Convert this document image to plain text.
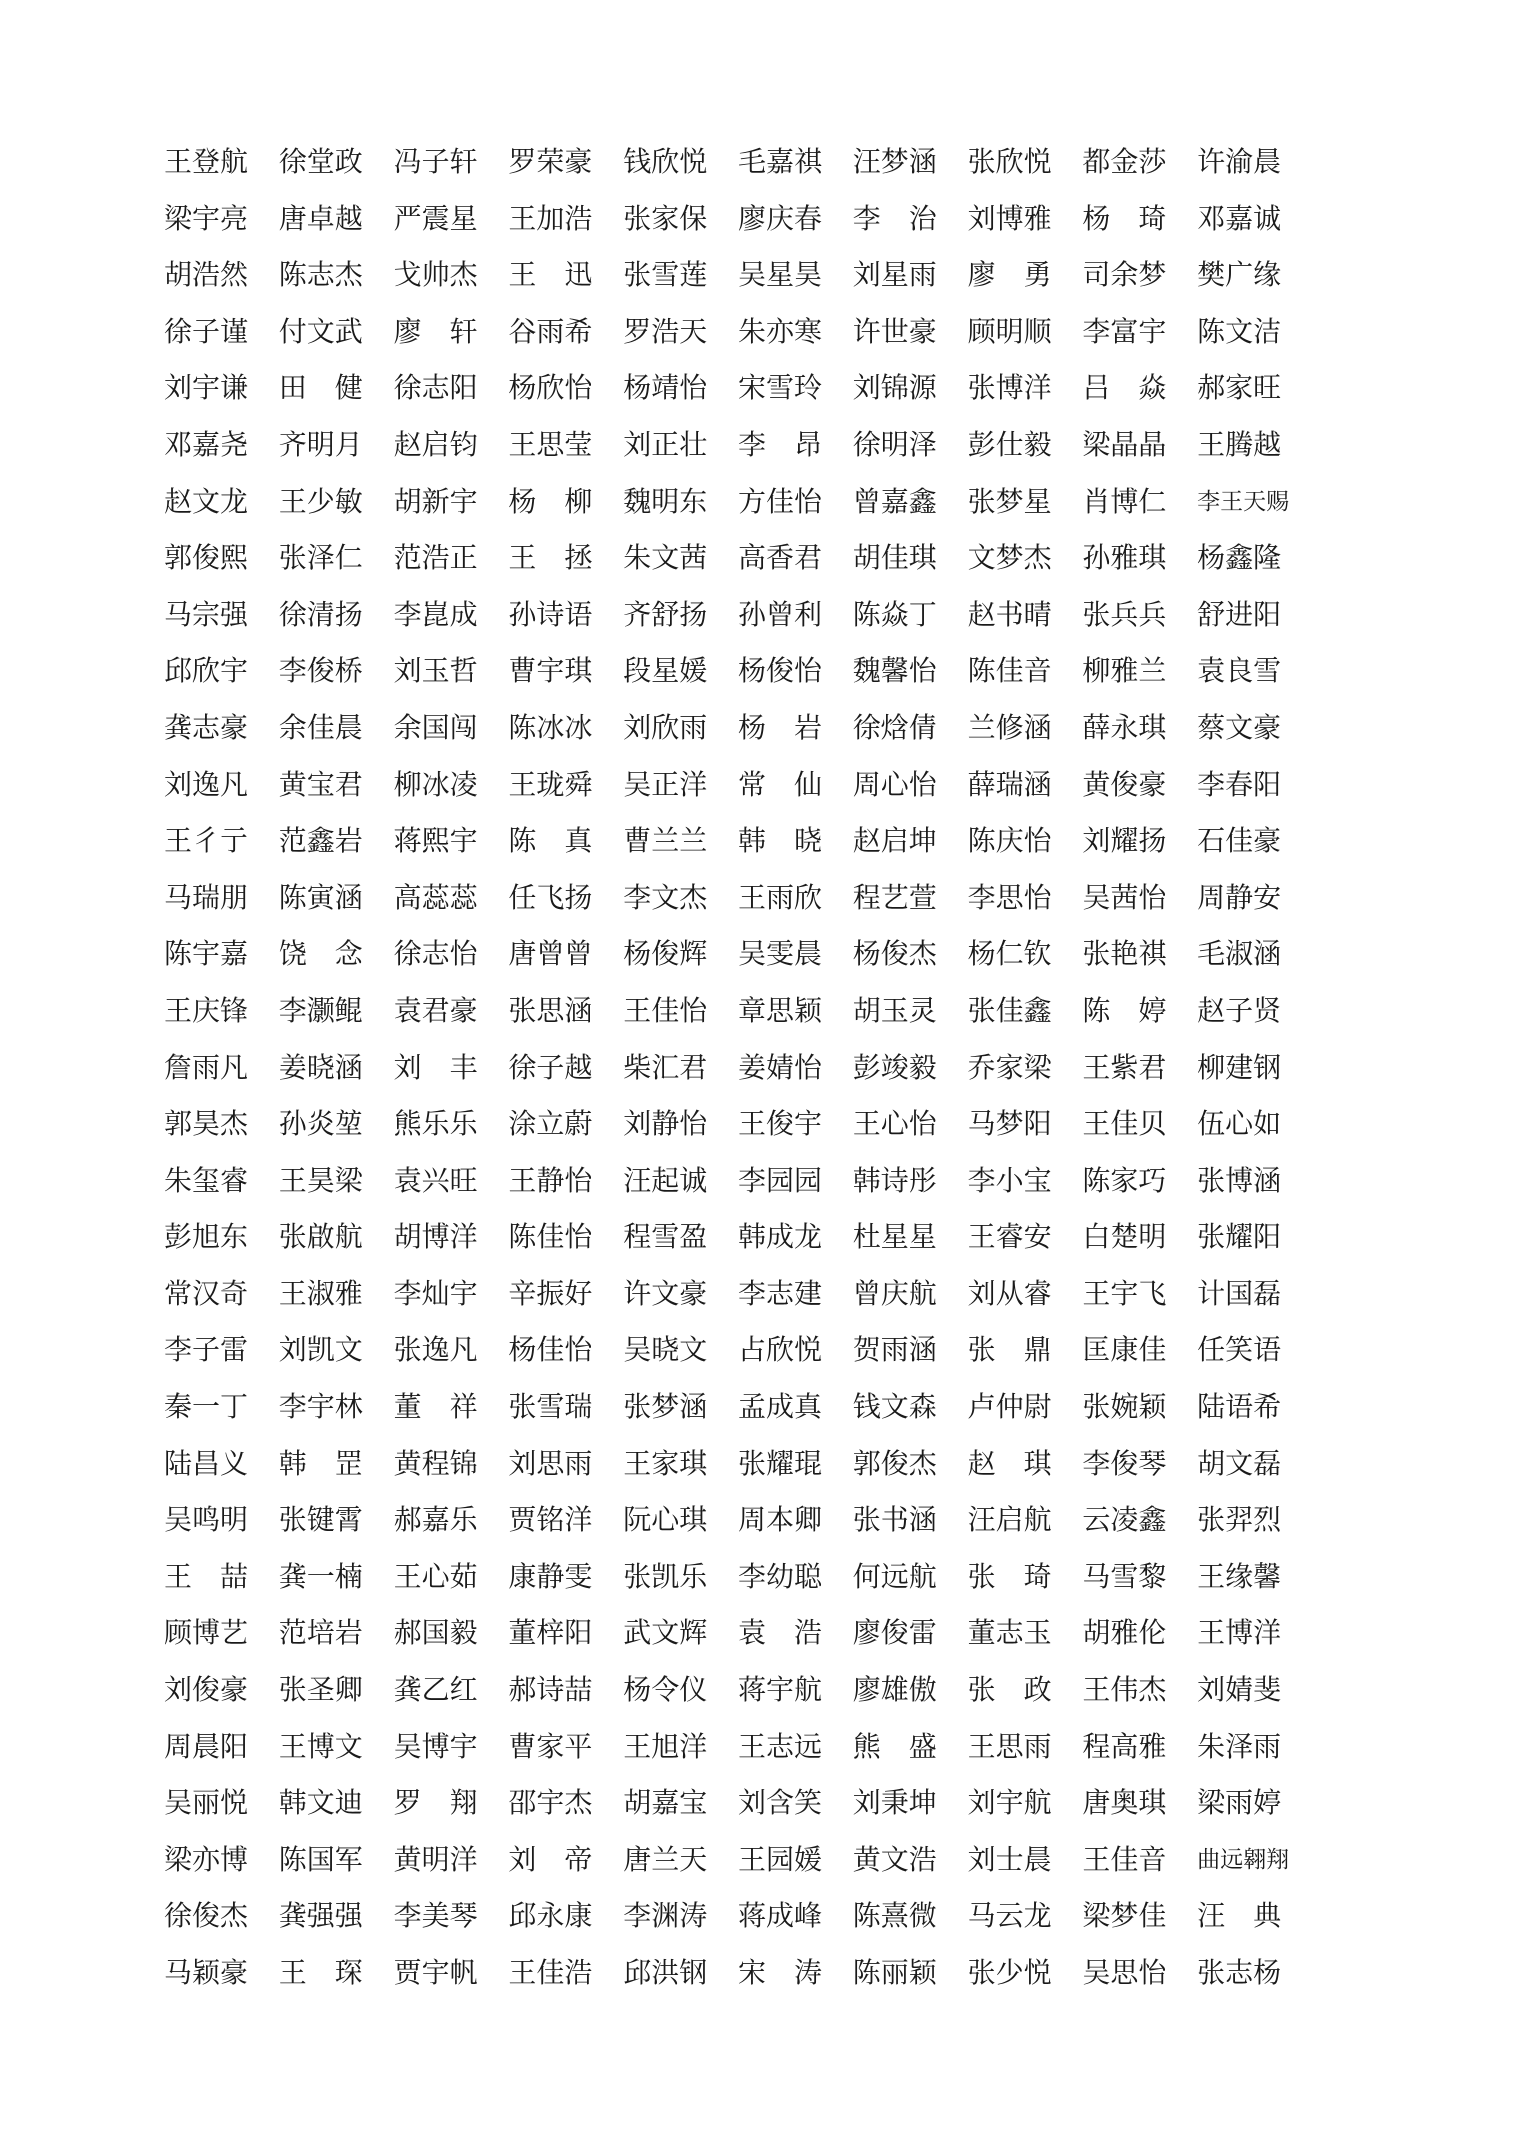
王登航 徐堂政 冯子轩 罗荣豪 钱欣悦 毛嘉祺 汪梦涵 张欣悦 都金莎 许渝晨
梁宇亮 唐卓越 严震星 王加浩 张家保 廖庆春 李 治 刘博雅 杨 琦 邓嘉诚
胡浩然 陈志杰 戈帅杰 王 迅 张雪莲 吴星昊 刘星雨 廖 勇 司余梦 樊广缘
徐子谨 付文武 廖 轩 谷雨希 罗浩天 朱亦寒 许世豪 顾明顺 李富宇 陈文洁
刘宇谦 田 健 徐志阳 杨欣怡 杨靖怡 宋雪玲 刘锦源 张博洋 吕 焱 郝家旺
邓嘉尧 齐明月 赵启钧 王思莹 刘正壮 李 昂 徐明泽 彭仕毅 梁晶晶 王腾越
赵文龙 王少敏 胡新宇 杨 柳 魏明东 方佳怡 曾嘉鑫 张梦星 肖博仁 李王天赐
郭俊熙 张泽仁 范浩正 王 拯 朱文茜 高香君 胡佳琪 文梦杰 孙雅琪 杨鑫隆
马宗强 徐清扬 李崑成 孙诗语 齐舒扬 孙曾利 陈焱丁 赵书晴 张兵兵 舒进阳
邱欣宇 李俊桥 刘玉哲 曹宇琪 段星媛 杨俊怡 魏馨怡 陈佳音 柳雅兰 袁良雪
龚志豪 余佳晨 余国闯 陈冰冰 刘欣雨 杨 岩 徐焓倩 兰修涵 薛永琪 蔡文豪
刘逸凡 黄宝君 柳冰凌 王珑舜 吴正洋 常 仙 周心怡 薛瑞涵 黄俊豪 李春阳
王彳亍 范鑫岩 蒋熙宇 陈 真 曹兰兰 韩 晓 赵启坤 陈庆怡 刘耀扬 石佳豪
马瑞朋 陈寅涵 高蕊蕊 任飞扬 李文杰 王雨欣 程艺萱 李思怡 吴茜怡 周静安
陈宇嘉 饶 念 徐志怡 唐曾曾 杨俊辉 吴雯晨 杨俊杰 杨仁钦 张艳祺 毛淑涵
王庆锋 李灏鲲 袁君豪 张思涵 王佳怡 章思颖 胡玉灵 张佳鑫 陈 婷 赵子贤
詹雨凡 姜晓涵 刘 丰 徐子越 柴汇君 姜婧怡 彭竣毅 乔家梁 王紫君 柳建钢
郭昊杰 孙炎堃 熊乐乐 涂立蔚 刘静怡 王俊宇 王心怡 马梦阳 王佳贝 伍心如
朱玺睿 王昊梁 袁兴旺 王静怡 汪起诚 李园园 韩诗彤 李小宝 陈家巧 张博涵
彭旭东 张啟航 胡博洋 陈佳怡 程雪盈 韩成龙 杜星星 王睿安 白楚明 张耀阳
常汉奇 王淑雅 李灿宇 辛振好 许文豪 李志建 曾庆航 刘从睿 王宇飞 计国磊
李子雷 刘凯文 张逸凡 杨佳怡 吴晓文 占欣悦 贺雨涵 张 鼎 匡康佳 任笑语
秦一丁 李宇林 董 祥 张雪瑞 张梦涵 孟成真 钱文森 卢仲尉 张婉颖 陆语希
陆昌义 韩 罡 黄程锦 刘思雨 王家琪 张耀琨 郭俊杰 赵 琪 李俊琴 胡文磊
吴鸣明 张键霄 郝嘉乐 贾铭洋 阮心琪 周本卿 张书涵 汪启航 云凌鑫 张羿烈
王 喆 龚一楠 王心茹 康静雯 张凯乐 李幼聪 何远航 张 琦 马雪黎 王缘馨
顾博艺 范培岩 郝国毅 董梓阳 武文辉 袁 浩 廖俊雷 董志玉 胡雅伦 王博洋
刘俊豪 张圣卿 龚乙红 郝诗喆 杨令仪 蒋宇航 廖雄傲 张 政 王伟杰 刘婧斐
周晨阳 王博文 吴博宇 曹家平 王旭洋 王志远 熊 盛 王思雨 程高雅 朱泽雨
吴丽悦 韩文迪 罗 翔 邵宇杰 胡嘉宝 刘含笑 刘秉坤 刘宇航 唐奥琪 梁雨婷
梁亦博 陈国军 黄明洋 刘 帝 唐兰天 王园媛 黄文浩 刘士晨 王佳音 曲远翱翔
徐俊杰 龚强强 李美琴 邱永康 李渊涛 蒋成峰 陈熹微 马云龙 梁梦佳 汪 典
马颖豪 王 琛 贾宇帆 王佳浩 邱洪钢 宋 涛 陈丽颖 张少悦 吴思怡 张志杨
